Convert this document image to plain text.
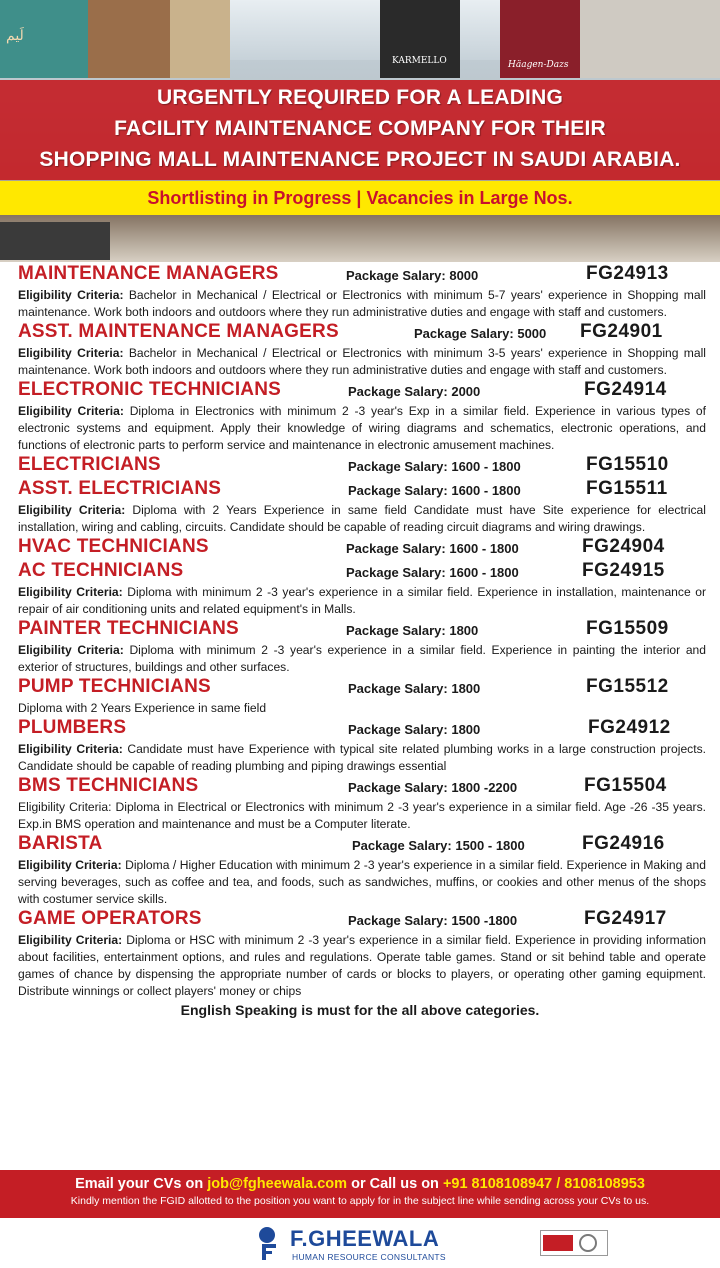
لَيم
KARMELLO	Häagen-Dazs
URGENTLY REQUIRED FOR A LEADING
FACILITY MAINTENANCE COMPANY FOR THEIR
SHOPPING MALL MAINTENANCE PROJECT IN SAUDI ARABIA.
Shortlisting in Progress | Vacancies in Large Nos.
MAINTENANCE MANAGERS	Package Salary: 8000	FG24913
Eligibility Criteria: Bachelor in Mechanical / Electrical or Electronics with minimum 5-7 years' experience in Shopping mall maintenance. Work both indoors and outdoors where they run administrative duties and engage with staff and customers.
ASST. MAINTENANCE MANAGERS	Package Salary: 5000 FG24901
Eligibility Criteria: Bachelor in Mechanical / Electrical or Electronics with minimum 3-5 years' experience in Shopping mall maintenance. Work both indoors and outdoors where they run administrative duties and engage with staff and customers.
ELECTRONIC TECHNICIANS	Package Salary: 2000	FG24914
Eligibility Criteria: Diploma in Electronics with minimum 2 -3 year's Exp in a similar field. Experience in various types of electronic systems and equipment. Apply their knowledge of wiring diagrams and schematics, electronic operations, and functions of electronic parts to perform service and maintenance in electronic amusement machines.
ELECTRICIANS	Package Salary: 1600 - 1800	FG15510
ASST. ELECTRICIANS	Package Salary: 1600 - 1800	FG15511
Eligibility Criteria: Diploma with 2 Years Experience in same field Candidate must have Site experience for electrical installation, wiring and cabling, circuits. Candidate should be capable of reading circuit diagrams and wiring drawings.
HVAC TECHNICIANS	Package Salary: 1600 - 1800	FG24904
AC TECHNICIANS	Package Salary: 1600 - 1800	FG24915
Eligibility Criteria: Diploma with minimum 2 -3 year's experience in a similar field. Experience in installation, maintenance or repair of air conditioning units and related equipment's in Malls.
PAINTER TECHNICIANS	Package Salary: 1800	FG15509
Eligibility Criteria: Diploma with minimum 2 -3 year's experience in a similar field. Experience in painting the interior and exterior of structures, buildings and other surfaces.
PUMP TECHNICIANS	Package Salary: 1800	FG15512
Diploma with 2 Years Experience in same field
PLUMBERS	Package Salary: 1800	FG24912
Eligibility Criteria: Candidate must have Experience with typical site related plumbing works in a large construction projects. Candidate should be capable of reading plumbing and piping drawings essential
BMS TECHNICIANS	Package Salary: 1800 -2200	FG15504
Eligibility Criteria: Diploma in Electrical or Electronics with minimum 2 -3 year's experience in a similar field. Age -26 -35 years. Exp.in BMS operation and maintenance and must be a Computer literate.
BARISTA	Package Salary: 1500 - 1800	FG24916
Eligibility Criteria: Diploma / Higher Education with minimum 2 -3 year's experience in a similar field. Experience in Making and serving beverages, such as coffee and tea, and foods, such as sandwiches, muffins, or cookies and other menus of the shops with costumer service skills.
GAME OPERATORS	Package Salary: 1500 -1800	FG24917
Eligibility Criteria: Diploma or HSC with minimum 2 -3 year's experience in a similar field. Experience in providing information about facilities, entertainment options, and rules and regulations. Operate table games. Stand or sit behind table and operate games of chance by dispensing the appropriate number of cards or blocks to players, or operating other gaming equipment. Distribute winnings or collect players' money or chips
English Speaking is must for the all above categories.
Email your CVs on job@fgheewala.com or Call us on +91 8108108947 / 8108108953
Kindly mention the FGID allotted to the position you want to apply for in the subject line while sending across your CVs to us.
F.GHEEWALA
HUMAN RESOURCE CONSULTANTS
